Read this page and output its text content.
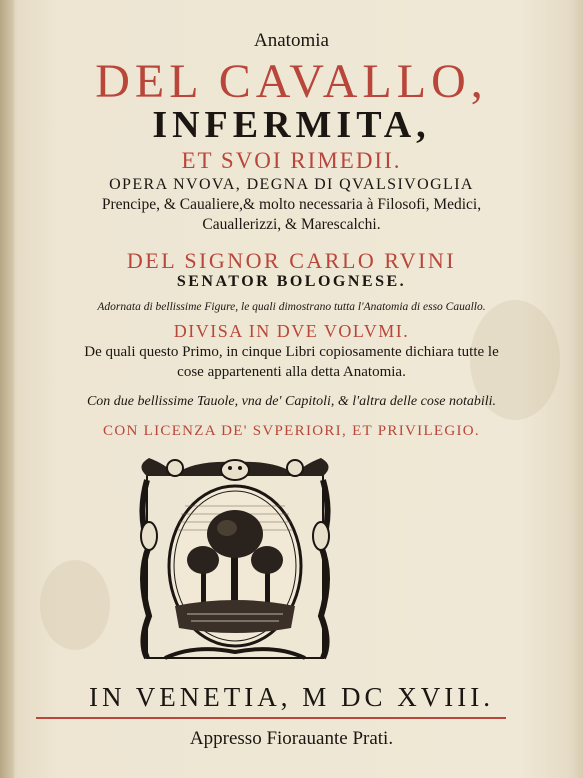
Anatomia
DEL CAVALLO,
INFERMITA,
ET SVOI RIMEDII.
OPERA NVOVA, DEGNA DI QVALSIVOGLIA
Prencipe, & Caualiere,& molto necessaria à Filosofi, Medici,
Cauallerizzi, & Marescalchi.
DEL SIGNOR CARLO RVINI
SENATOR BOLOGNESE.
Adornata di bellissime Figure, le quali dimostrano tutta l'Anatomia di esso Cauallo.
DIVISA IN DVE VOLVMI.
De quali questo Primo, in cinque Libri copiosamente dichiara tutte le
cose appartenenti alla detta Anatomia.
Con due bellissime Tauole, vna de' Capitoli, & l'altra delle cose notabili.
CON LICENZA DE' SVPERIORI, ET PRIVILEGIO.
IN VENETIA, M DC XVIII.
Appresso Fiorauante Prati.
